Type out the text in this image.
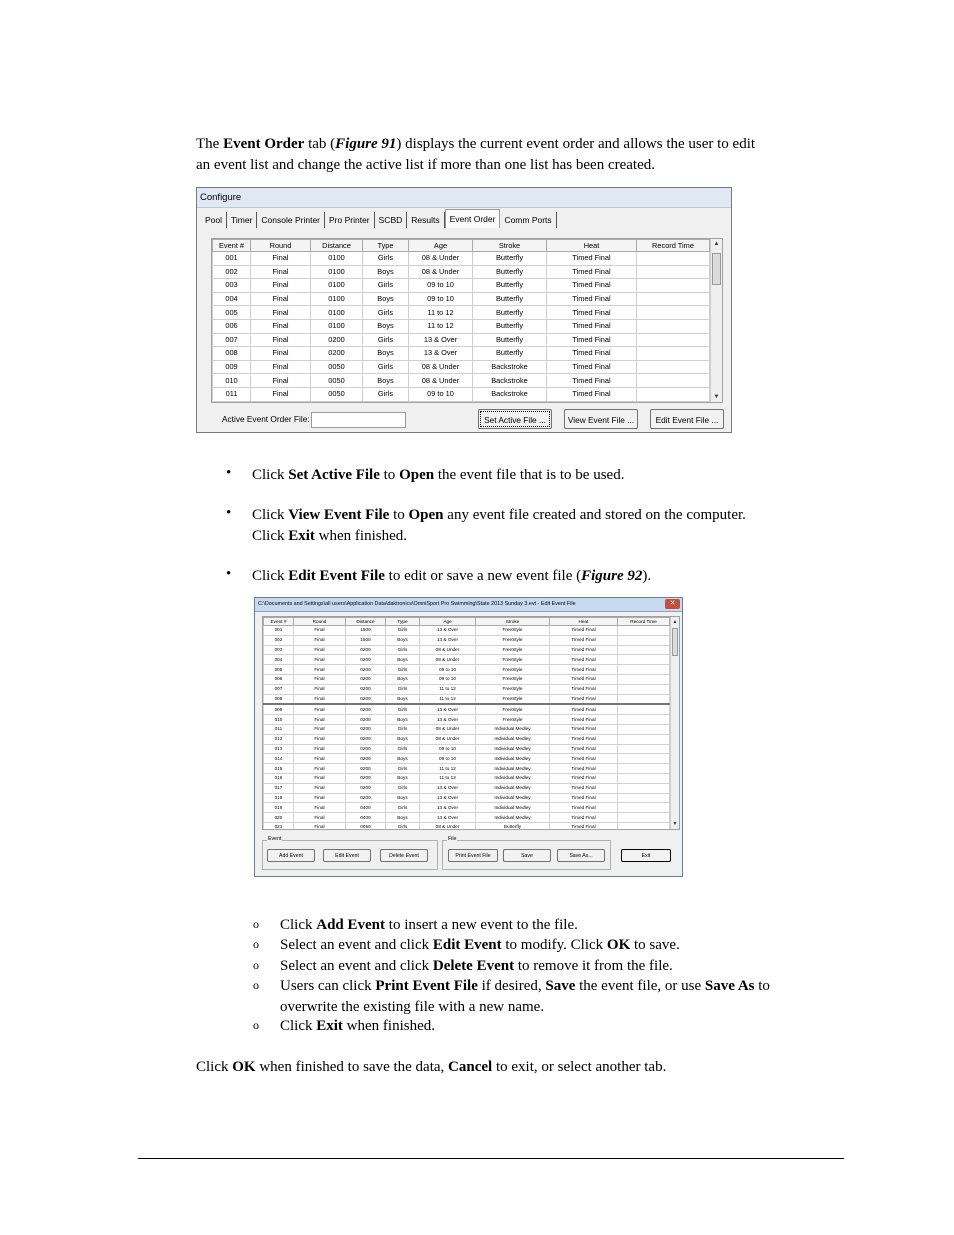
The Event Order tab (Figure 91) displays the current event order and allows the user to edit
an event list and change the active list if more than one list has been created.

Configure
Pool	Timer	Console Printer	Pro Printer	SCBD	Results	Event Order	Comm Ports
Event #	Round	Distance	Type	Age	Stroke	Heat	Record Time
001	Final	0100	Girls	08 & Under	Butterfly	Timed Final	
002	Final	0100	Boys	08 & Under	Butterfly	Timed Final	
003	Final	0100	Girls	09 to 10	Butterfly	Timed Final	
004	Final	0100	Boys	09 to 10	Butterfly	Timed Final	
005	Final	0100	Girls	11 to 12	Butterfly	Timed Final	
006	Final	0100	Boys	11 to 12	Butterfly	Timed Final	
007	Final	0200	Girls	13 & Over	Butterfly	Timed Final	
008	Final	0200	Boys	13 & Over	Butterfly	Timed Final	
009	Final	0050	Girls	08 & Under	Backstroke	Timed Final	
010	Final	0050	Boys	08 & Under	Backstroke	Timed Final	
011	Final	0050	Girls	09 to 10	Backstroke	Timed Final	
▲
▼
Active Event Order File:	Set Active File ...	View Event File ...	Edit Event File ...
• Click Set Active File to Open the event file that is to be used.

• Click View Event File to Open any event file created and stored on the computer.
Click Exit when finished.

• Click Edit Event File to edit or save a new event file (Figure 92).

C:\Documents and Settings\all users\Application Data\daktronics\OmniSport Pro Swimming\State 2013 Sunday 3.evt - Edit Event File	✕
Event #	Round	Distance	Type	Age	Stroke	Heat	Record Time
001	Final	1500	Girls	13 & Over	FreeStyle	Timed Final	
002	Final	1500	Boys	13 & Over	FreeStyle	Timed Final	
003	Final	0200	Girls	08 & Under	FreeStyle	Timed Final	
004	Final	0200	Boys	08 & Under	FreeStyle	Timed Final	
005	Final	0200	Girls	09 to 10	FreeStyle	Timed Final	
006	Final	0200	Boys	09 to 10	FreeStyle	Timed Final	
007	Final	0200	Girls	11 to 12	FreeStyle	Timed Final	
008	Final	0200	Boys	11 to 12	FreeStyle	Timed Final	
009	Final	0200	Girls	13 & Over	FreeStyle	Timed Final	
010	Final	0200	Boys	13 & Over	FreeStyle	Timed Final	
011	Final	0200	Girls	08 & Under	Individual Medley	Timed Final	
012	Final	0200	Boys	08 & Under	Individual Medley	Timed Final	
013	Final	0200	Girls	09 to 10	Individual Medley	Timed Final	
014	Final	0200	Boys	09 to 10	Individual Medley	Timed Final	
015	Final	0200	Girls	11 to 12	Individual Medley	Timed Final	
016	Final	0200	Boys	11 to 12	Individual Medley	Timed Final	
017	Final	0200	Girls	13 & Over	Individual Medley	Timed Final	
018	Final	0200	Boys	13 & Over	Individual Medley	Timed Final	
019	Final	0400	Girls	13 & Over	Individual Medley	Timed Final	
020	Final	0400	Boys	13 & Over	Individual Medley	Timed Final	
021	Final	0050	Girls	08 & Under	Butterfly	Timed Final	
▲
▼
Event	File
Add Event	Edit Event	Delete Event	Print Event File	Save	Save As...	Exit
o Click Add Event to insert a new event to the file.

o Select an event and click Edit Event to modify. Click OK to save.

o Select an event and click Delete Event to remove it from the file.

o Users can click Print Event File if desired, Save the event file, or use Save As to
overwrite the existing file with a new name.

o Click Exit when finished.

Click OK when finished to save the data, Cancel to exit, or select another tab.
